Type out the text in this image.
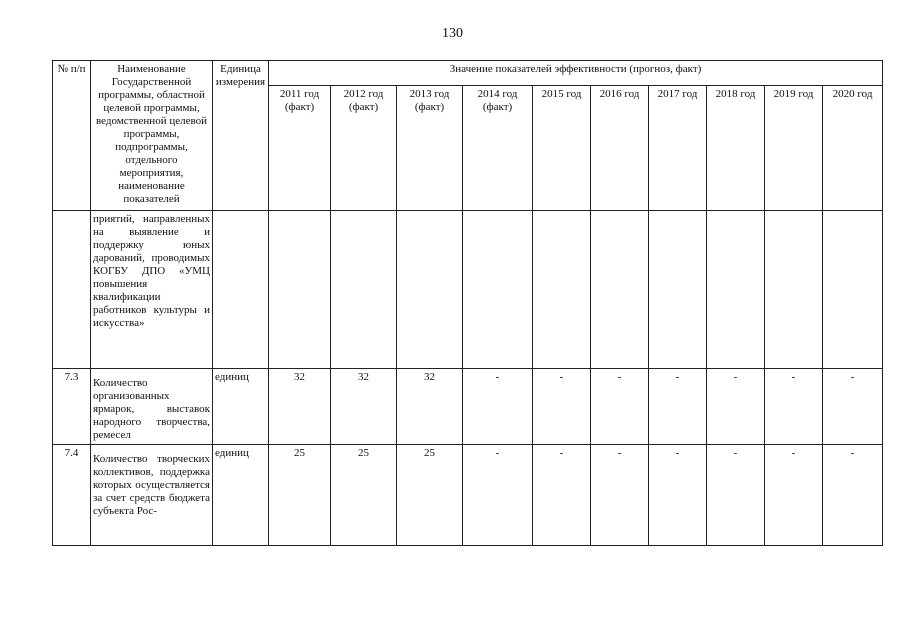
130
№ п/п	Наименование Государственной программы, областной целевой программы, ведомственной целевой программы, подпрограммы, отдельного мероприятия, наименование показателей	Единица измерения	Значение показателей эффективности (прогноз, факт)									
			2011 год (факт)	2012 год (факт)	2013 год (факт)	2014 год (факт)	2015 год	2016 год	2017 год	2018 год	2019 год	2020 год
	приятий, направленных на выявление и поддержку юных дарований, проводимых КОГБУ ДПО «УМЦ повышения квалификации работников культуры и искусства»											
7.3	Количество организованных ярмарок, выставок народного творчества, ремесел	единиц	32	32	32	-	-	-	-	-	-	-
7.4	Количество творческих коллективов, поддержка которых осуществляется за счет средств бюджета субъекта Рос-	единиц	25	25	25	-	-	-	-	-	-	-
